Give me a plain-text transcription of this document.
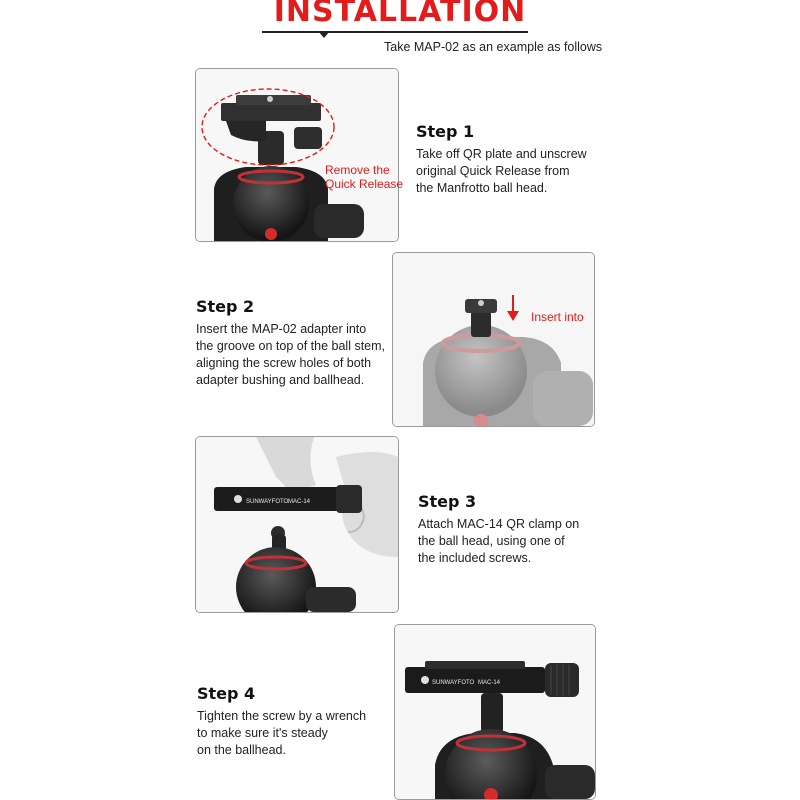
INSTALLATION
Take MAP-02 as an example as follows
Remove the
Quick Release
Step 1
Take off QR plate and unscrew
original Quick Release from
the Manfrotto ball head.
Step 2
Insert the MAP-02 adapter into
the groove on top of the ball stem,
aligning the screw holes of both
adapter bushing and ballhead.
Insert into
SUNWAYFOTO MAC-14	Step 3
Attach MAC-14 QR clamp on
the ball head, using one of
the included screws.
Step 4
Tighten the screw by a wrench
to make sure it's steady
on the ballhead.
SUNWAYFOTO MAC-14
